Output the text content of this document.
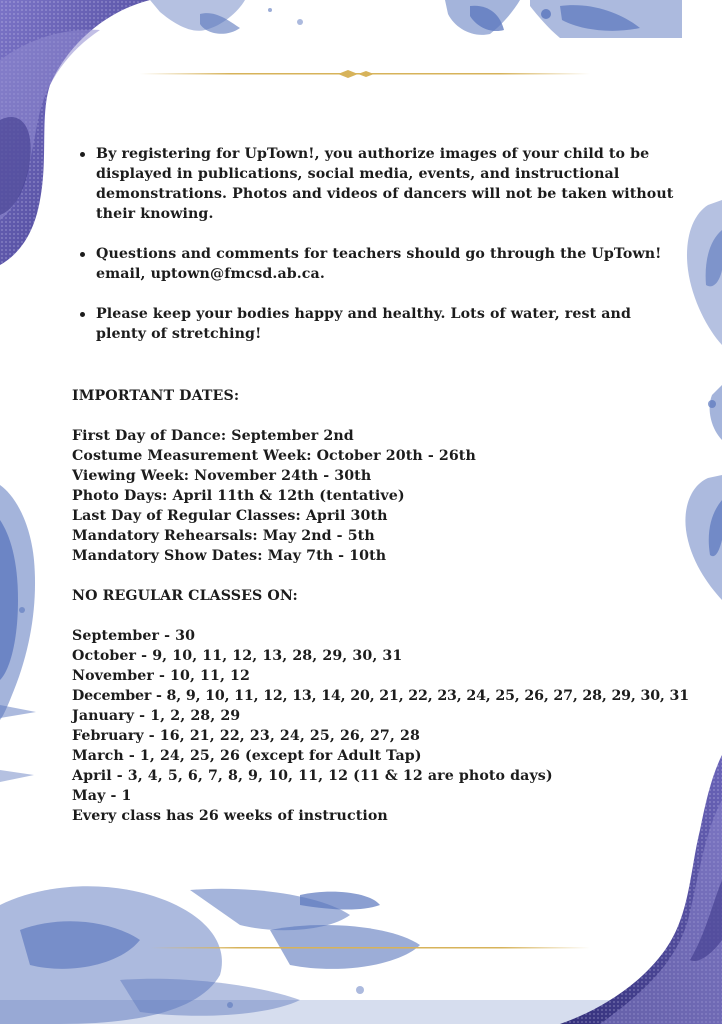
By registering for UpTown!, you authorize images of your child to be displayed in publications, social media, events, and instructional demonstrations. Photos and videos of dancers will not be taken without their knowing.
Questions and comments for teachers should go through the UpTown! email, uptown@fmcsd.ab.ca.
Please keep your bodies happy and healthy. Lots of water, rest and plenty of stretching!
IMPORTANT DATES:
First Day of Dance: September 2nd
Costume Measurement Week: October 20th - 26th
Viewing Week: November 24th - 30th
Photo Days: April 11th & 12th (tentative)
Last Day of Regular Classes: April 30th
Mandatory Rehearsals: May 2nd - 5th
Mandatory Show Dates: May 7th - 10th
NO REGULAR CLASSES ON:
September - 30
October - 9, 10, 11, 12, 13, 28, 29, 30, 31
November - 10, 11, 12
December - 8, 9, 10, 11, 12, 13, 14, 20, 21, 22, 23, 24, 25, 26, 27, 28, 29, 30, 31
January - 1, 2, 28, 29
February - 16, 21, 22, 23, 24, 25, 26, 27, 28
March - 1, 24, 25, 26 (except for Adult Tap)
April - 3, 4, 5, 6, 7, 8, 9, 10, 11, 12 (11 & 12 are photo days)
May - 1
Every class has 26 weeks of instruction
